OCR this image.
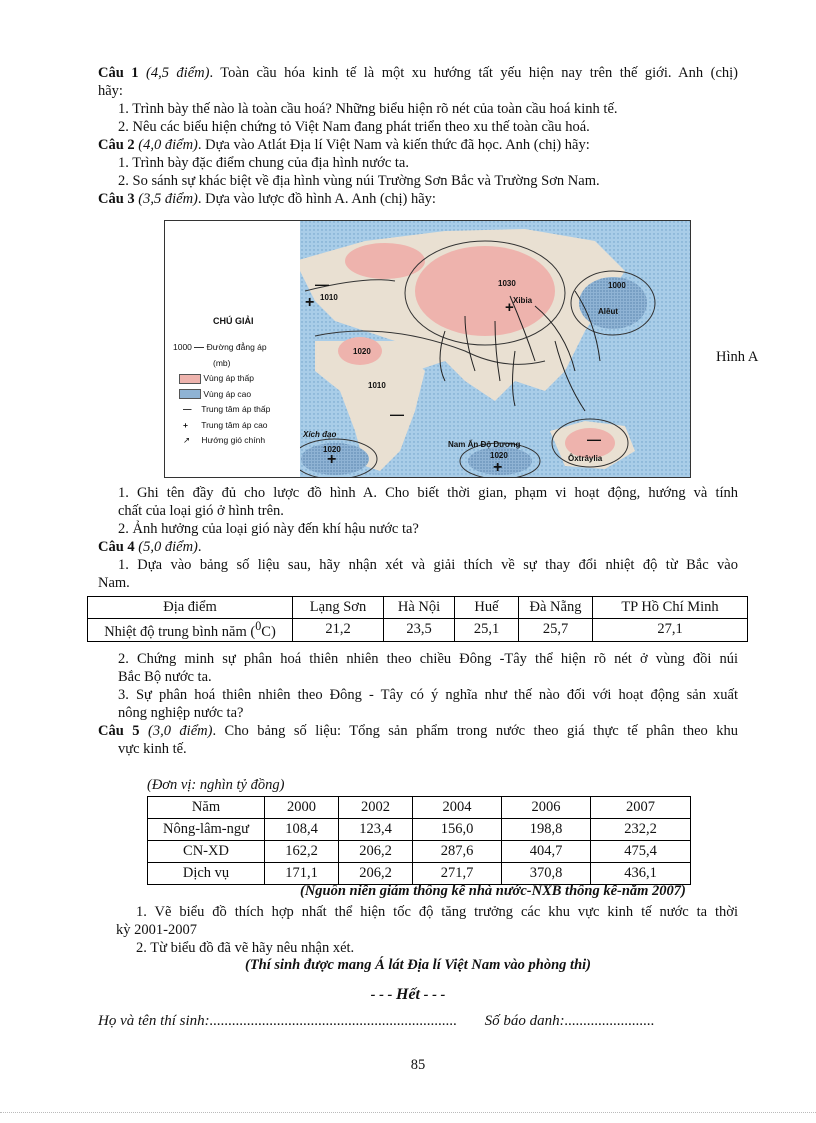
Câu 1 (4,5 điểm). Toàn cầu hóa kinh tế là một xu hướng tất yếu hiện nay trên thế giới. Anh (chị)
hãy:
1. Trình bày thế nào là toàn cầu hoá? Những biểu hiện rõ nét của toàn cầu hoá kinh tế.
2. Nêu các biểu hiện chứng tỏ Việt Nam đang phát triển theo xu thế toàn cầu hoá.
Câu 2 (4,0 điểm). Dựa vào Atlát Địa lí Việt Nam và kiến thức đã học. Anh (chị) hãy:
1. Trình bày đặc điểm chung của địa hình nước ta.
2. So sánh sự khác biệt về địa hình vùng núi Trường Sơn Bắc và Trường Sơn Nam.
Câu 3 (3,5 điểm). Dựa vào lược đồ hình A. Anh (chị) hãy:
CHÚ GIẢI
1000 Đường đẳng áp
(mb)
Vùng áp thấp
Vùng áp cao
— Trung tâm áp thấp
+ Trung tâm áp cao
↗ Hướng gió chính
Xibia
+	Alêut
Xích đạo
Nam Ấn Độ Dương
Ôxtrâylia
1030	1000
1010
1020
1010
1020
1020
+	+
+
—
—
—
Hình A
1. Ghi tên đầy đủ cho lược đồ hình A. Cho biết thời gian, phạm vi hoạt động, hướng và tính
chất của loại gió ở hình trên.
2. Ảnh hưởng của loại gió này đến khí hậu nước ta?
Câu 4 (5,0 điểm).
1. Dựa vào bảng số liệu sau, hãy nhận xét và giải thích về sự thay đổi nhiệt độ từ Bắc vào
Nam.
Địa điểm	Lạng Sơn	Hà Nội	Huế	Đà Nẵng	TP Hồ Chí Minh
Nhiệt độ trung bình năm ($^0$C)	21,2	23,5	25,1	25,7	27,1
2. Chứng minh sự phân hoá thiên nhiên theo chiều Đông -Tây thể hiện rõ nét ở vùng đồi núi
Bắc Bộ nước ta.
3. Sự phân hoá thiên nhiên theo Đông - Tây có ý nghĩa như thế nào đối với hoạt động sản xuất
nông nghiệp nước ta?
Câu 5 (3,0 điểm). Cho bảng số liệu: Tổng sản phẩm trong nước theo giá thực tế phân theo khu
vực kinh tế.
(Đơn vị: nghìn tỷ đồng)
Năm	2000	2002	2004	2006	2007
Nông-lâm-ngư	108,4	123,4	156,0	198,8	232,2
CN-XD	162,2	206,2	287,6	404,7	475,4
Dịch vụ	171,1	206,2	271,7	370,8	436,1
(Nguồn niên giám thống kê nhà nước-NXB thống kê-năm 2007)
1. Vẽ biểu đồ thích hợp nhất thể hiện tốc độ tăng trưởng các khu vực kinh tế nước ta thời
kỳ 2001-2007
2. Từ biểu đồ đã vẽ hãy nêu nhận xét.
(Thí sinh được mang Á lát Địa lí Việt Nam vào phòng thi)
- - - Hết - - -
Họ và tên thí sinh:.................................................................. Số báo danh:........................
85
